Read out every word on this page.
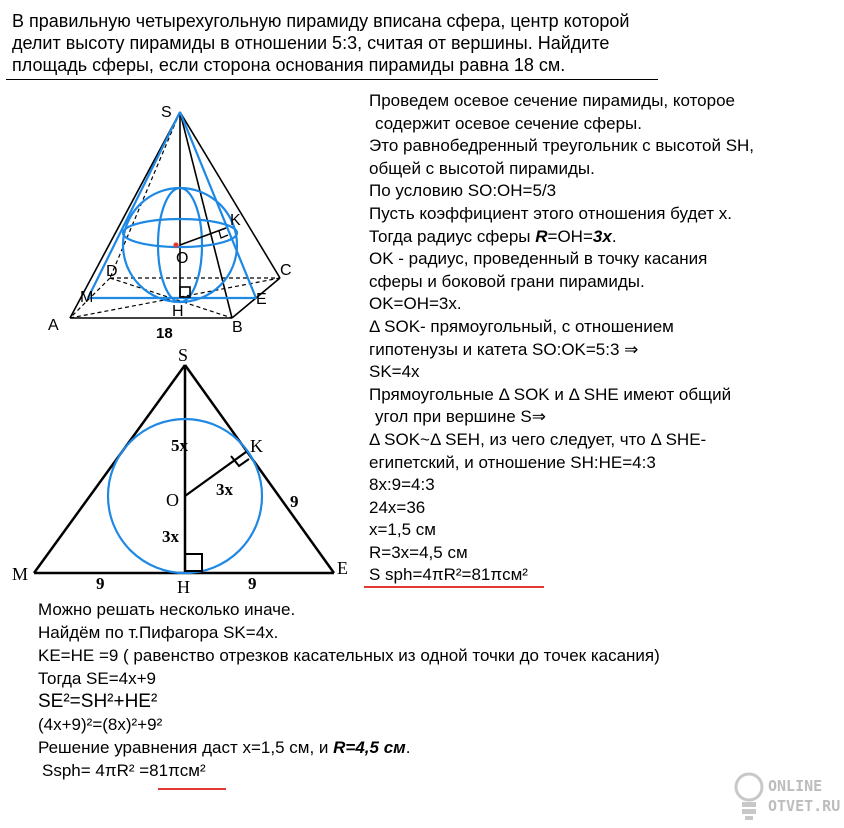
В правильную четырехугольную пирамиду вписана сфера, центр которой
делит высоту пирамиды в отношении 5:3, считая от вершины. Найдите
площадь сферы, если сторона основания пирамиды равна 18 см.
S
K
O
D	C
M	E
A
H
B
18
S
K
O
M
H
E
5x
3x
3x
9
9	9
Проведем осевое сечение пирамиды, которое
содержит осевое сечение сферы.
Это равнобедренный треугольник с высотой SH,
общей с высотой пирамиды.
По условию SO:OH=5/3
Пусть коэффициент этого отношения будет x.
Тогда радиус сферы R=OH=3x.
OK - радиус, проведенный в точку касания
сферы и боковой грани пирамиды.
OK=OH=3x.
Δ SOK- прямоугольный, с отношением
гипотенузы и катета SO:OK=5:3 ⇒
SK=4x
Прямоугольные Δ SOK и Δ SHE имеют общий
угол при вершине S⇒
Δ SOK~Δ SEH, из чего следует, что Δ SHE-
египетский, и отношение SH:HE=4:3
8x:9=4:3
24x=36
x=1,5 см
R=3x=4,5 см
S sph=4πR²=81πсм²
Можно решать несколько иначе.
Найдём по т.Пифагора SK=4x.
KE=HE =9 ( равенство отрезков касательных из одной точки до точек касания)
Тогда SE=4x+9
SE²=SH²+HE²
(4x+9)²=(8x)²+9²
Решение уравнения даст x=1,5 см, и R=4,5 см.
Ssph= 4πR² =81πсм²
ONLINE
OTVET.RU
